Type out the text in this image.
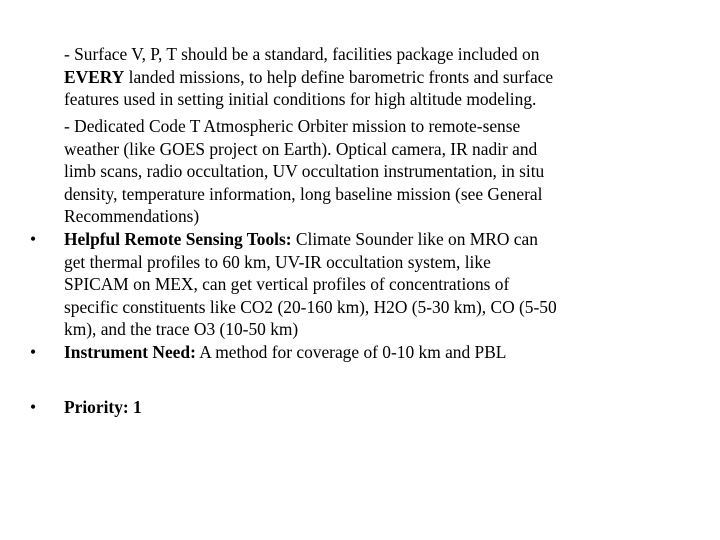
- Surface V, P, T should be a standard, facilities package included on
EVERY landed missions, to help define barometric fronts and surface
features used in setting initial conditions for high altitude modeling.
- Dedicated Code T Atmospheric Orbiter mission to remote-sense
weather (like GOES project on Earth). Optical camera, IR nadir and
limb scans, radio occultation, UV occultation instrumentation, in situ
density, temperature information, long baseline mission (see General
Recommendations)
• Helpful Remote Sensing Tools: Climate Sounder like on MRO can
get thermal profiles to 60 km, UV-IR occultation system, like
SPICAM on MEX, can get vertical profiles of concentrations of
specific constituents like CO2 (20-160 km), H2O (5-30 km), CO (5-50
km), and the trace O3 (10-50 km)
• Instrument Need: A method for coverage of 0-10 km and PBL
• Priority: 1
